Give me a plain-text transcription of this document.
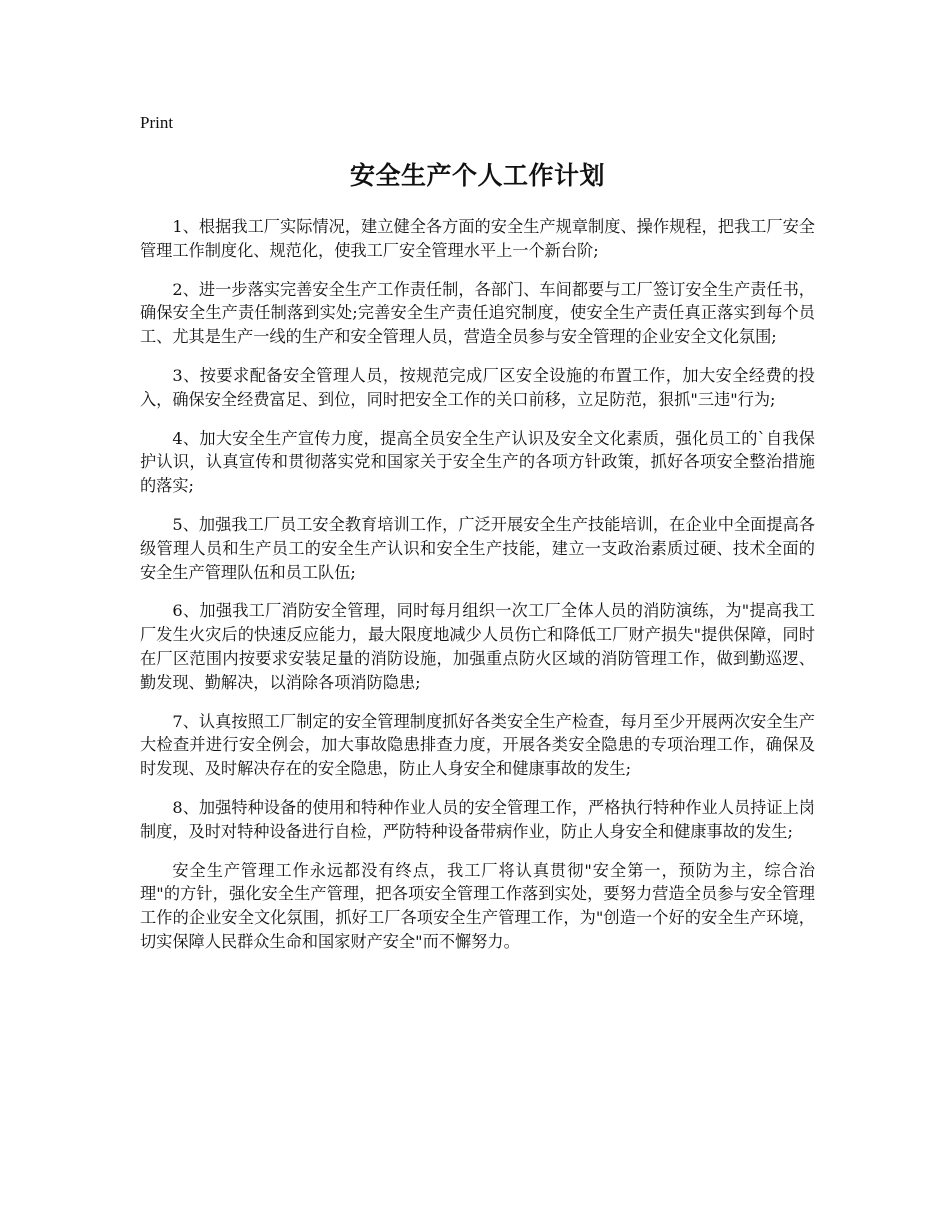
Print
安全生产个人工作计划

1、根据我工厂实际情况，建立健全各方面的安全生产规章制度、操作规程，把我工厂安全管理工作制度化、规范化，使我工厂安全管理水平上一个新台阶;

2、进一步落实完善安全生产工作责任制，各部门、车间都要与工厂签订安全生产责任书，确保安全生产责任制落到实处;完善安全生产责任追究制度，使安全生产责任真正落实到每个员工、尤其是生产一线的生产和安全管理人员，营造全员参与安全管理的企业安全文化氛围;

3、按要求配备安全管理人员，按规范完成厂区安全设施的布置工作，加大安全经费的投入，确保安全经费富足、到位，同时把安全工作的关口前移，立足防范，狠抓"三违"行为;

4、加大安全生产宣传力度，提高全员安全生产认识及安全文化素质，强化员工的`自我保护认识，认真宣传和贯彻落实党和国家关于安全生产的各项方针政策，抓好各项安全整治措施的落实;

5、加强我工厂员工安全教育培训工作，广泛开展安全生产技能培训，在企业中全面提高各级管理人员和生产员工的安全生产认识和安全生产技能，建立一支政治素质过硬、技术全面的安全生产管理队伍和员工队伍;

6、加强我工厂消防安全管理，同时每月组织一次工厂全体人员的消防演练，为"提高我工厂发生火灾后的快速反应能力，最大限度地减少人员伤亡和降低工厂财产损失"提供保障，同时在厂区范围内按要求安装足量的消防设施，加强重点防火区域的消防管理工作，做到勤巡逻、勤发现、勤解决，以消除各项消防隐患;

7、认真按照工厂制定的安全管理制度抓好各类安全生产检查，每月至少开展两次安全生产大检查并进行安全例会，加大事故隐患排查力度，开展各类安全隐患的专项治理工作，确保及时发现、及时解决存在的安全隐患，防止人身安全和健康事故的发生;

8、加强特种设备的使用和特种作业人员的安全管理工作，严格执行特种作业人员持证上岗制度，及时对特种设备进行自检，严防特种设备带病作业，防止人身安全和健康事故的发生;

安全生产管理工作永远都没有终点，我工厂将认真贯彻"安全第一，预防为主，综合治理"的方针，强化安全生产管理，把各项安全管理工作落到实处，要努力营造全员参与安全管理工作的企业安全文化氛围，抓好工厂各项安全生产管理工作，为"创造一个好的安全生产环境，切实保障人民群众生命和国家财产安全"而不懈努力。
